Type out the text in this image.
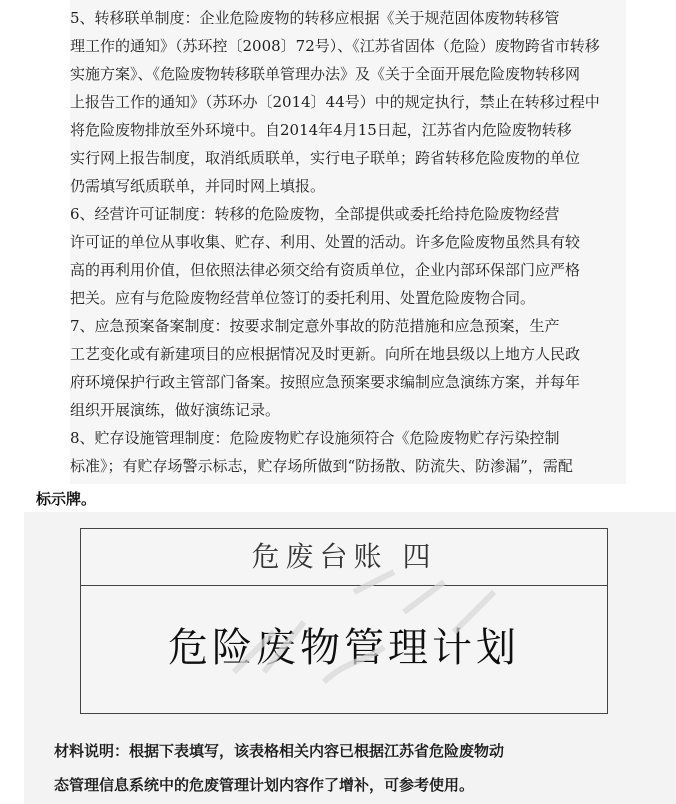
5、转移联单制度：企业危险废物的转移应根据《关于规范固体废物转移管

理工作的通知》（苏环控〔2008〕72号）、《江苏省固体（危险）废物跨省市转移

实施方案》、《危险废物转移联单管理办法》及《关于全面开展危险废物转移网

上报告工作的通知》（苏环办〔2014〕44号）中的规定执行，禁止在转移过程中

将危险废物排放至外环境中。自2014年4月15日起，江苏省内危险废物转移

实行网上报告制度，取消纸质联单，实行电子联单；跨省转移危险废物的单位

仍需填写纸质联单，并同时网上填报。

6、经营许可证制度：转移的危险废物，全部提供或委托给持危险废物经营

许可证的单位从事收集、贮存、利用、处置的活动。许多危险废物虽然具有较

高的再利用价值，但依照法律必须交给有资质单位，企业内部环保部门应严格

把关。应有与危险废物经营单位签订的委托利用、处置危险废物合同。

7、应急预案备案制度：按要求制定意外事故的防范措施和应急预案，生产

工艺变化或有新建项目的应根据情况及时更新。向所在地县级以上地方人民政

府环境保护行政主管部门备案。按照应急预案要求编制应急演练方案，并每年

组织开展演练，做好演练记录。

8、贮存设施管理制度：危险废物贮存设施须符合《危险废物贮存污染控制

标准》；有贮存场警示标志，贮存场所做到“防扬散、防流失、防渗漏”，需配

标示牌。
危废台账 四
危险废物管理计划

材料说明：根据下表填写，该表格相关内容已根据江苏省危险废物动

态管理信息系统中的危废管理计划内容作了增补，可参考使用。
